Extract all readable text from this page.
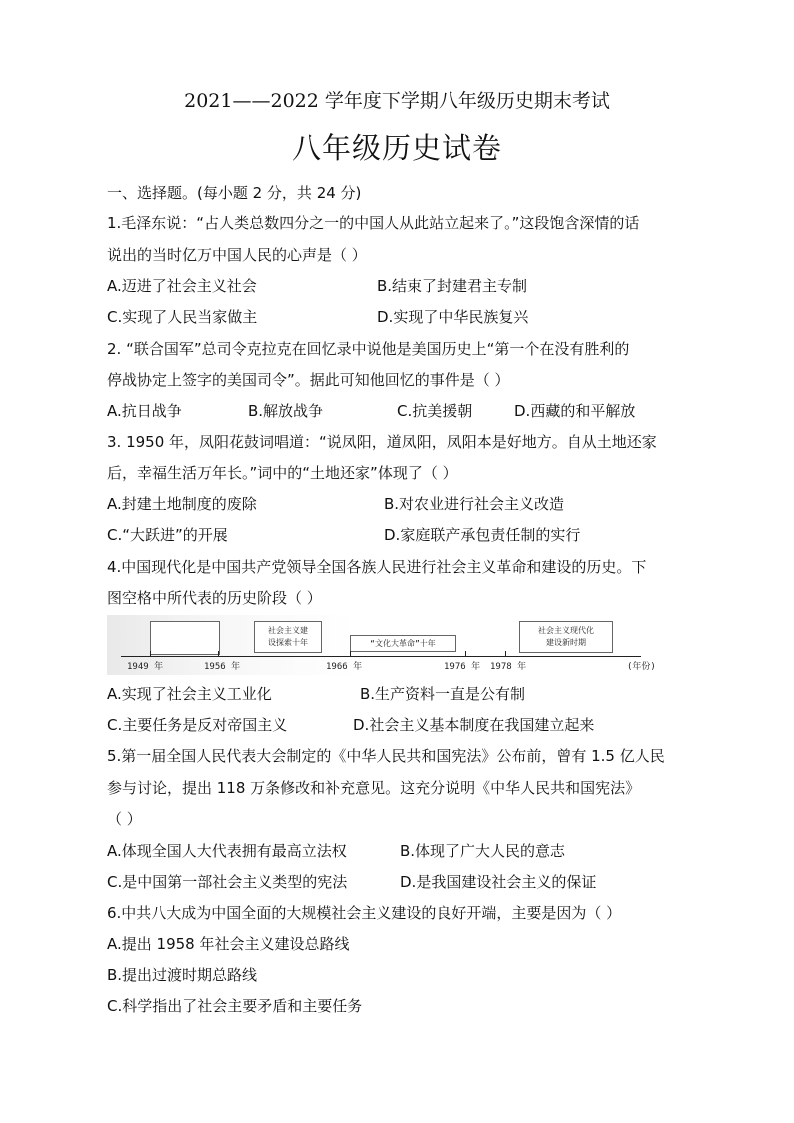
2021——2022 学年度下学期八年级历史期末考试
八年级历史试卷
一、选择题。(每小题 2 分，共 24 分)
1.毛泽东说：“占人类总数四分之一的中国人从此站立起来了。”这段饱含深情的话
说出的当时亿万中国人民的心声是（ ）
A.迈进了社会主义社会	B.结束了封建君主专制
C.实现了人民当家做主	D.实现了中华民族复兴
2. “联合国军”总司令克拉克在回忆录中说他是美国历史上“第一个在没有胜利的
停战协定上签字的美国司令”。据此可知他回忆的事件是（ ）
A.抗日战争	B.解放战争	C.抗美援朝	D.西藏的和平解放
3. 1950 年，凤阳花鼓词唱道：“说凤阳，道凤阳，凤阳本是好地方。自从土地还家
后，幸福生活万年长。”词中的“土地还家”体现了（ ）
A.封建土地制度的废除	B.对农业进行社会主义改造
C.“大跃进”的开展	D.家庭联产承包责任制的实行
4.中国现代化是中国共产党领导全国各族人民进行社会主义革命和建设的历史。下
图空格中所代表的历史阶段（ ）
社会主义建
设探索十年	“文化大革命”十年
社会主义现代化
建设新时期
1949 年	1956 年	1966 年	1976 年 1978 年	(年份)
A.实现了社会主义工业化	B.生产资料一直是公有制
C.主要任务是反对帝国主义	D.社会主义基本制度在我国建立起来
5.第一届全国人民代表大会制定的《中华人民共和国宪法》公布前，曾有 1.5 亿人民
参与讨论，提出 118 万条修改和补充意见。这充分说明《中华人民共和国宪法》
（ ）
A.体现全国人大代表拥有最高立法权	B.体现了广大人民的意志
C.是中国第一部社会主义类型的宪法	D.是我国建设社会主义的保证
6.中共八大成为中国全面的大规模社会主义建设的良好开端，主要是因为（ ）
A.提出 1958 年社会主义建设总路线
B.提出过渡时期总路线
C.科学指出了社会主要矛盾和主要任务
